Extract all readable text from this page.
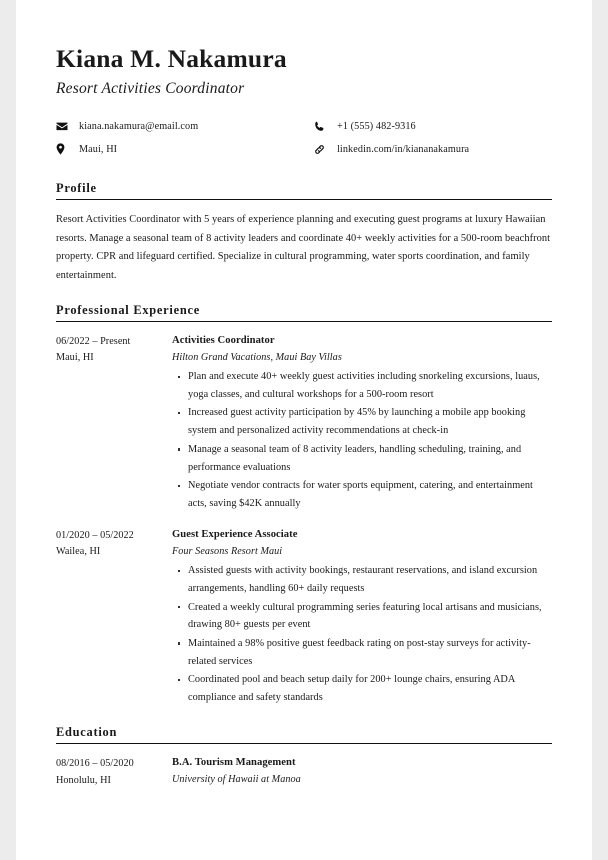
Kiana M. Nakamura
Resort Activities Coordinator
kiana.nakamura@email.com	+1 (555) 482-9316
Maui, HI	linkedin.com/in/kiananakamura
Profile

Resort Activities Coordinator with 5 years of experience planning and executing guest programs at luxury Hawaiian resorts. Manage a seasonal team of 8 activity leaders and coordinate 40+ weekly activities for a 500-room beachfront property. CPR and lifeguard certified. Specialize in cultural programming, water sports coordination, and family entertainment.

Professional Experience
06/2022 – Present
Maui, HI
Activities Coordinator
Hilton Grand Vacations, Maui Bay Villas
Plan and execute 40+ weekly guest activities including snorkeling excursions, luaus, yoga classes, and cultural workshops for a 500-room resort
Increased guest activity participation by 45% by launching a mobile app booking system and personalized activity recommendations at check-in
Manage a seasonal team of 8 activity leaders, handling scheduling, training, and performance evaluations
Negotiate vendor contracts for water sports equipment, catering, and entertainment acts, saving $42K annually
01/2020 – 05/2022
Wailea, HI
Guest Experience Associate
Four Seasons Resort Maui
Assisted guests with activity bookings, restaurant reservations, and island excursion arrangements, handling 60+ daily requests
Created a weekly cultural programming series featuring local artisans and musicians, drawing 80+ guests per event
Maintained a 98% positive guest feedback rating on post-stay surveys for activity-related services
Coordinated pool and beach setup daily for 200+ lounge chairs, ensuring ADA compliance and safety standards
Education
08/2016 – 05/2020
Honolulu, HI
B.A. Tourism Management
University of Hawaii at Manoa
